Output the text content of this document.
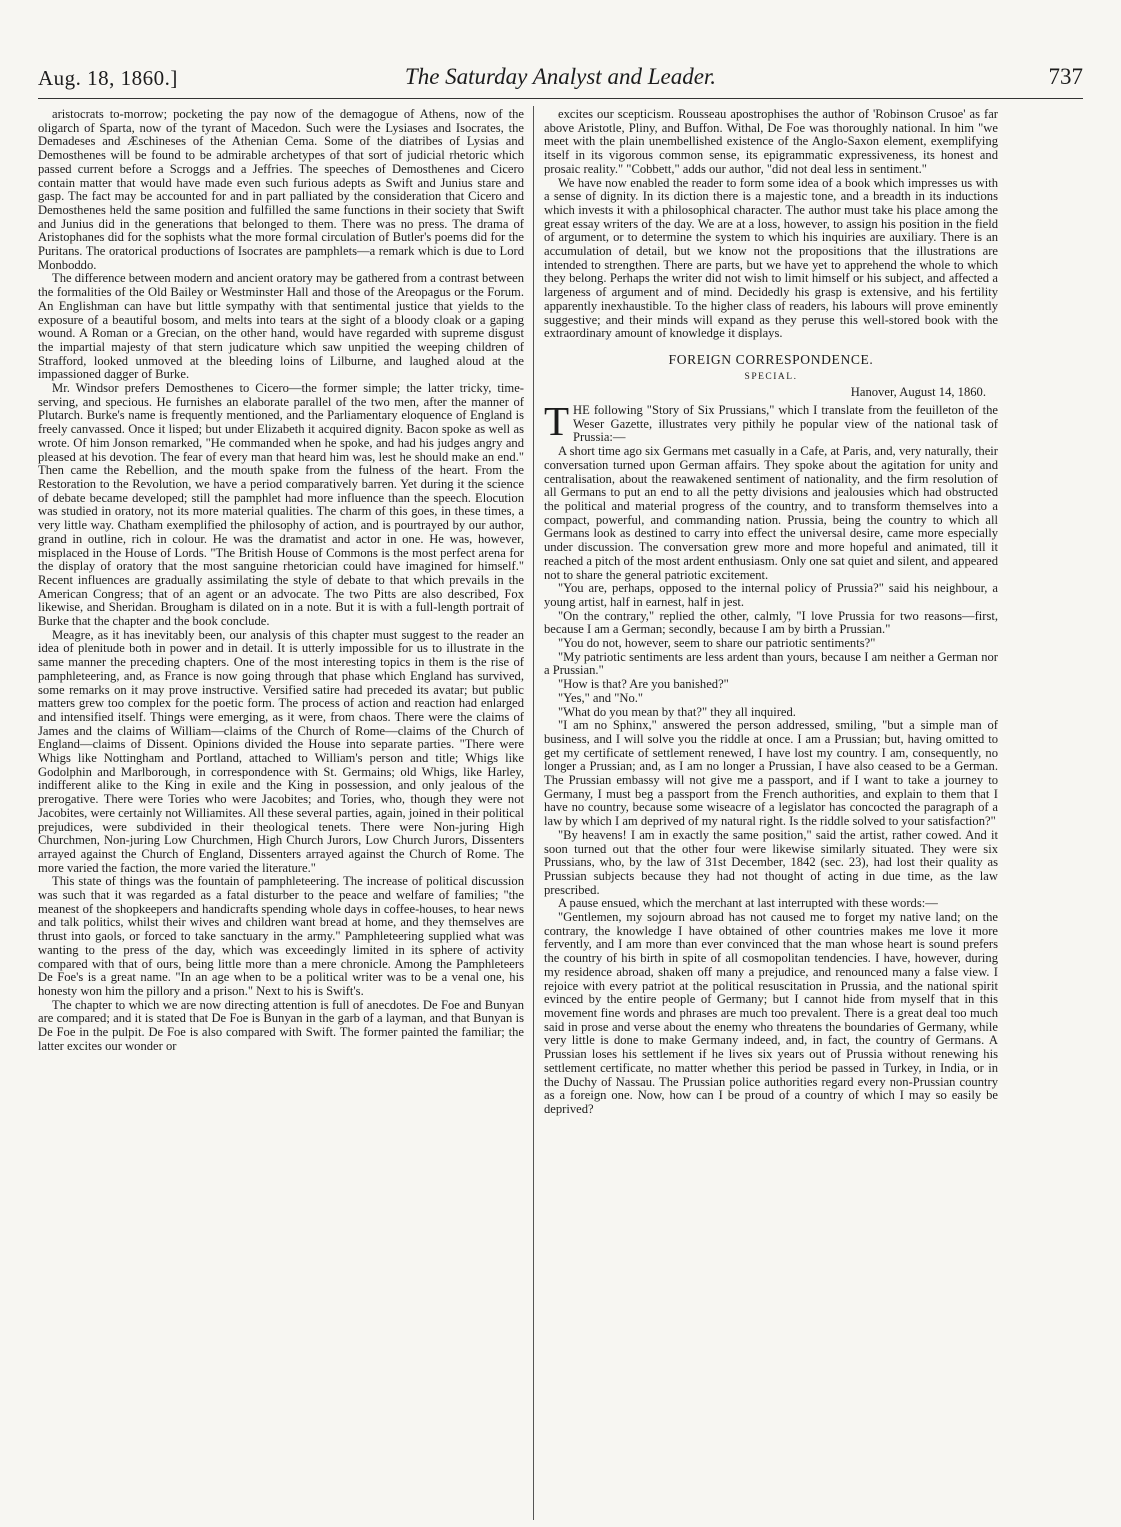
Aug. 18, 1860.]	The Saturday Analyst and Leader.	737

aristocrats to-morrow; pocketing the pay now of the demagogue of Athens, now of the oligarch of Sparta, now of the tyrant of Macedon. Such were the Lysiases and Isocrates, the Demadeses and Æschineses of the Athenian Cema. Some of the diatribes of Lysias and Demosthenes will be found to be admirable archetypes of that sort of judicial rhetoric which passed current before a Scroggs and a Jeffries. The speeches of Demosthenes and Cicero contain matter that would have made even such furious adepts as Swift and Junius stare and gasp. The fact may be accounted for and in part palliated by the consideration that Cicero and Demosthenes held the same position and fulfilled the same functions in their society that Swift and Junius did in the generations that belonged to them. There was no press. The drama of Aristophanes did for the sophists what the more formal circulation of Butler's poems did for the Puritans. The oratorical productions of Isocrates are pamphlets—a remark which is due to Lord Monboddo.

The difference between modern and ancient oratory may be gathered from a contrast between the formalities of the Old Bailey or Westminster Hall and those of the Areopagus or the Forum. An Englishman can have but little sympathy with that sentimental justice that yields to the exposure of a beautiful bosom, and melts into tears at the sight of a bloody cloak or a gaping wound. A Roman or a Grecian, on the other hand, would have regarded with supreme disgust the impartial majesty of that stern judicature which saw unpitied the weeping children of Strafford, looked unmoved at the bleeding loins of Lilburne, and laughed aloud at the impassioned dagger of Burke.

Mr. Windsor prefers Demosthenes to Cicero—the former simple; the latter tricky, time-serving, and specious. He furnishes an elaborate parallel of the two men, after the manner of Plutarch. Burke's name is frequently mentioned, and the Parliamentary eloquence of England is freely canvassed. Once it lisped; but under Elizabeth it acquired dignity. Bacon spoke as well as wrote. Of him Jonson remarked, "He commanded when he spoke, and had his judges angry and pleased at his devotion. The fear of every man that heard him was, lest he should make an end." Then came the Rebellion, and the mouth spake from the fulness of the heart. From the Restoration to the Revolution, we have a period comparatively barren. Yet during it the science of debate became developed; still the pamphlet had more influence than the speech. Elocution was studied in oratory, not its more material qualities. The charm of this goes, in these times, a very little way. Chatham exemplified the philosophy of action, and is pourtrayed by our author, grand in outline, rich in colour. He was the dramatist and actor in one. He was, however, misplaced in the House of Lords. "The British House of Commons is the most perfect arena for the display of oratory that the most sanguine rhetorician could have imagined for himself." Recent influences are gradually assimilating the style of debate to that which prevails in the American Congress; that of an agent or an advocate. The two Pitts are also described, Fox likewise, and Sheridan. Brougham is dilated on in a note. But it is with a full-length portrait of Burke that the chapter and the book conclude.

Meagre, as it has inevitably been, our analysis of this chapter must suggest to the reader an idea of plenitude both in power and in detail. It is utterly impossible for us to illustrate in the same manner the preceding chapters. One of the most interesting topics in them is the rise of pamphleteering, and, as France is now going through that phase which England has survived, some remarks on it may prove instructive. Versified satire had preceded its avatar; but public matters grew too complex for the poetic form. The process of action and reaction had enlarged and intensified itself. Things were emerging, as it were, from chaos. There were the claims of James and the claims of William—claims of the Church of Rome—claims of the Church of England—claims of Dissent. Opinions divided the House into separate parties. "There were Whigs like Nottingham and Portland, attached to William's person and title; Whigs like Godolphin and Marlborough, in correspondence with St. Germains; old Whigs, like Harley, indifferent alike to the King in exile and the King in possession, and only jealous of the prerogative. There were Tories who were Jacobites; and Tories, who, though they were not Jacobites, were certainly not Williamites. All these several parties, again, joined in their political prejudices, were subdivided in their theological tenets. There were Non-juring High Churchmen, Non-juring Low Churchmen, High Church Jurors, Low Church Jurors, Dissenters arrayed against the Church of England, Dissenters arrayed against the Church of Rome. The more varied the faction, the more varied the literature."

This state of things was the fountain of pamphleteering. The increase of political discussion was such that it was regarded as a fatal disturber to the peace and welfare of families; "the meanest of the shopkeepers and handicrafts spending whole days in coffee-houses, to hear news and talk politics, whilst their wives and children want bread at home, and they themselves are thrust into gaols, or forced to take sanctuary in the army." Pamphleteering supplied what was wanting to the press of the day, which was exceedingly limited in its sphere of activity compared with that of ours, being little more than a mere chronicle. Among the Pamphleteers De Foe's is a great name. "In an age when to be a political writer was to be a venal one, his honesty won him the pillory and a prison." Next to his is Swift's.

The chapter to which we are now directing attention is full of anecdotes. De Foe and Bunyan are compared; and it is stated that De Foe is Bunyan in the garb of a layman, and that Bunyan is De Foe in the pulpit. De Foe is also compared with Swift. The former painted the familiar; the latter excites our wonder or

excites our scepticism. Rousseau apostrophises the author of 'Robinson Crusoe' as far above Aristotle, Pliny, and Buffon. Withal, De Foe was thoroughly national. In him "we meet with the plain unembellished existence of the Anglo-Saxon element, exemplifying itself in its vigorous common sense, its epigrammatic expressiveness, its honest and prosaic reality." "Cobbett," adds our author, "did not deal less in sentiment."

We have now enabled the reader to form some idea of a book which impresses us with a sense of dignity. In its diction there is a majestic tone, and a breadth in its inductions which invests it with a philosophical character. The author must take his place among the great essay writers of the day. We are at a loss, however, to assign his position in the field of argument, or to determine the system to which his inquiries are auxiliary. There is an accumulation of detail, but we know not the propositions that the illustrations are intended to strengthen. There are parts, but we have yet to apprehend the whole to which they belong. Perhaps the writer did not wish to limit himself or his subject, and affected a largeness of argument and of mind. Decidedly his grasp is extensive, and his fertility apparently inexhaustible. To the higher class of readers, his labours will prove eminently suggestive; and their minds will expand as they peruse this well-stored book with the extraordinary amount of knowledge it displays.

FOREIGN CORRESPONDENCE.
SPECIAL.
Hanover, August 14, 1860.

THE following "Story of Six Prussians," which I translate from the feuilleton of the Weser Gazette, illustrates very pithily he popular view of the national task of Prussia:—

A short time ago six Germans met casually in a Cafe, at Paris, and, very naturally, their conversation turned upon German affairs. They spoke about the agitation for unity and centralisation, about the reawakened sentiment of nationality, and the firm resolution of all Germans to put an end to all the petty divisions and jealousies which had obstructed the political and material progress of the country, and to transform themselves into a compact, powerful, and commanding nation. Prussia, being the country to which all Germans look as destined to carry into effect the universal desire, came more especially under discussion. The conversation grew more and more hopeful and animated, till it reached a pitch of the most ardent enthusiasm. Only one sat quiet and silent, and appeared not to share the general patriotic excitement.

"You are, perhaps, opposed to the internal policy of Prussia?" said his neighbour, a young artist, half in earnest, half in jest.

"On the contrary," replied the other, calmly, "I love Prussia for two reasons—first, because I am a German; secondly, because I am by birth a Prussian."

"You do not, however, seem to share our patriotic sentiments?"

"My patriotic sentiments are less ardent than yours, because I am neither a German nor a Prussian."

"How is that? Are you banished?"

"Yes," and "No."

"What do you mean by that?" they all inquired.

"I am no Sphinx," answered the person addressed, smiling, "but a simple man of business, and I will solve you the riddle at once. I am a Prussian; but, having omitted to get my certificate of settlement renewed, I have lost my country. I am, consequently, no longer a Prussian; and, as I am no longer a Prussian, I have also ceased to be a German. The Prussian embassy will not give me a passport, and if I want to take a journey to Germany, I must beg a passport from the French authorities, and explain to them that I have no country, because some wiseacre of a legislator has concocted the paragraph of a law by which I am deprived of my natural right. Is the riddle solved to your satisfaction?"

"By heavens! I am in exactly the same position," said the artist, rather cowed. And it soon turned out that the other four were likewise similarly situated. They were six Prussians, who, by the law of 31st December, 1842 (sec. 23), had lost their quality as Prussian subjects because they had not thought of acting in due time, as the law prescribed.

A pause ensued, which the merchant at last interrupted with these words:—

"Gentlemen, my sojourn abroad has not caused me to forget my native land; on the contrary, the knowledge I have obtained of other countries makes me love it more fervently, and I am more than ever convinced that the man whose heart is sound prefers the country of his birth in spite of all cosmopolitan tendencies. I have, however, during my residence abroad, shaken off many a prejudice, and renounced many a false view. I rejoice with every patriot at the political resuscitation in Prussia, and the national spirit evinced by the entire people of Germany; but I cannot hide from myself that in this movement fine words and phrases are much too prevalent. There is a great deal too much said in prose and verse about the enemy who threatens the boundaries of Germany, while very little is done to make Germany indeed, and, in fact, the country of Germans. A Prussian loses his settlement if he lives six years out of Prussia without renewing his settlement certificate, no matter whether this period be passed in Turkey, in India, or in the Duchy of Nassau. The Prussian police authorities regard every non-Prussian country as a foreign one. Now, how can I be proud of a country of which I may so easily be deprived?
